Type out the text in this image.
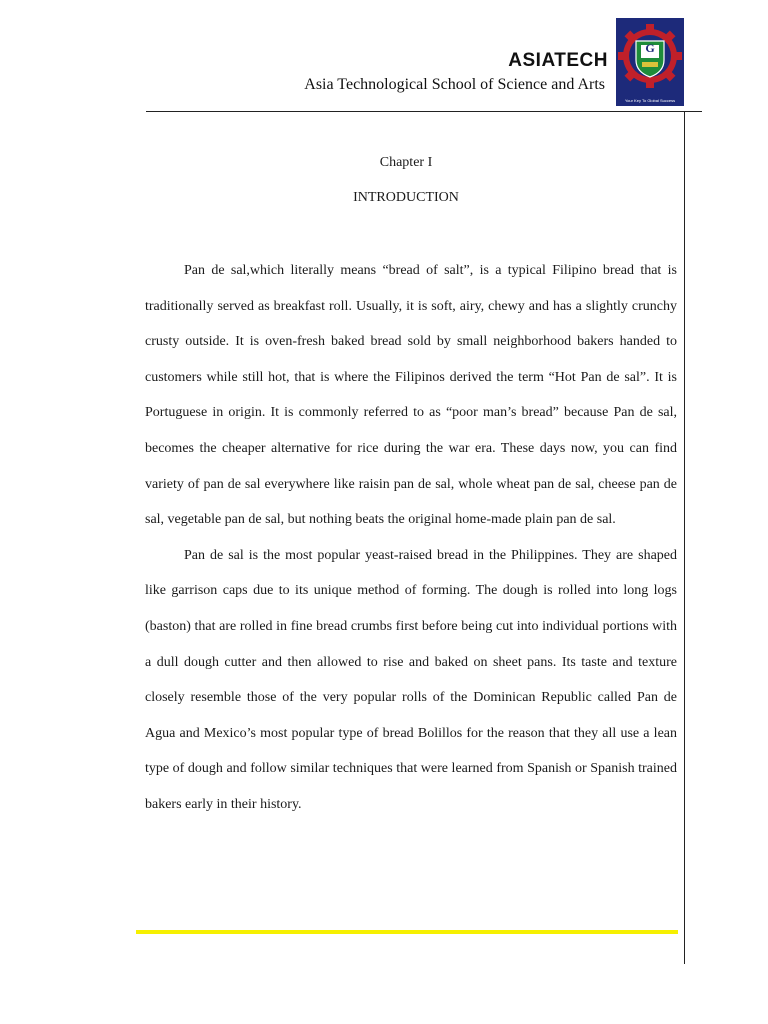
ASIATECH
Asia Technological School of Science and Arts
G
Your Key To Global Success
Chapter I
INTRODUCTION

Pan de sal,which literally means “bread of salt”, is a typical Filipino bread that is traditionally served as breakfast roll. Usually, it is soft, airy, chewy and has a slightly crunchy crusty outside. It is oven-fresh baked bread sold by small neighborhood bakers handed to customers while still hot, that is where the Filipinos derived the term “Hot Pan de sal”. It is Portuguese in origin. It is commonly referred to as “poor man’s bread” because Pan de sal, becomes the cheaper alternative for rice during the war era. These days now, you can find variety of pan de sal everywhere like raisin pan de sal, whole wheat pan de sal, cheese pan de sal, vegetable pan de sal, but nothing beats the original home-made plain pan de sal.

Pan de sal is the most popular yeast-raised bread in the Philippines. They are shaped like garrison caps due to its unique method of forming. The dough is rolled into long logs (baston) that are rolled in fine bread crumbs first before being cut into individual portions with a dull dough cutter and then allowed to rise and baked on sheet pans. Its taste and texture closely resemble those of the very popular rolls of the Dominican Republic called Pan de Agua and Mexico’s most popular type of bread Bolillos for the reason that they all use a lean type of dough and follow similar techniques that were learned from Spanish or Spanish trained bakers early in their history.
